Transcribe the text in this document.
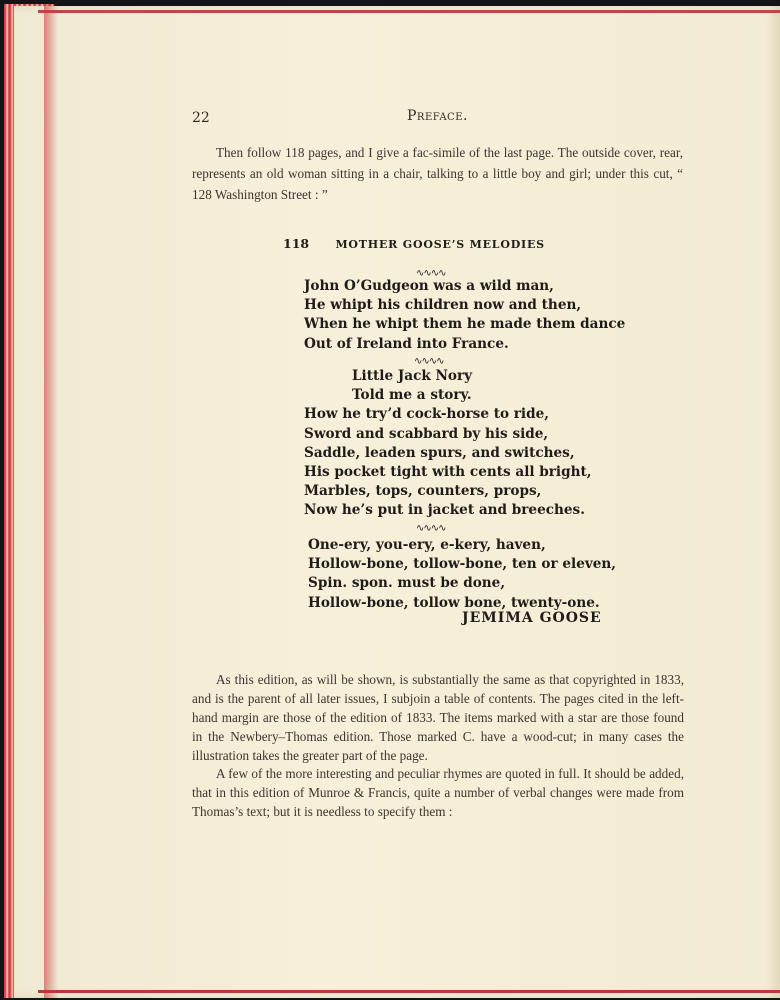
22	Preface.
Then follow 118 pages, and I give a fac-simile of the last page. The outside cover, rear, represents an old woman sitting in a chair, talking to a little boy and girl; under this cut, “ 128 Washington Street : ”
118 MOTHER GOOSE’S MELODIES
∿∿∿∿
John O’Gudgeon was a wild man,
He whipt his children now and then,
When he whipt them he made them dance
Out of Ireland into France.
∿∿∿∿
Little Jack Nory
Told me a story.
How he try’d cock-horse to ride,
Sword and scabbard by his side,
Saddle, leaden spurs, and switches,
His pocket tight with cents all bright,
Marbles, tops, counters, props,
Now he’s put in jacket and breeches.
∿∿∿∿
One-ery, you-ery, e-kery, haven,
Hollow-bone, tollow-bone, ten or eleven,
Spin. spon. must be done,
Hollow-bone, tollow bone, twenty-one.
JEMIMA GOOSE
As this edition, as will be shown, is substantially the same as that copyrighted in 1833, and is the parent of all later issues, I subjoin a table of contents. The pages cited in the left-hand margin are those of the edition of 1833. The items marked with a star are those found in the Newbery–Thomas edition. Those marked C. have a wood-cut; in many cases the illustration takes the greater part of the page.
A few of the more interesting and peculiar rhymes are quoted in full. It should be added, that in this edition of Munroe & Francis, quite a number of verbal changes were made from Thomas’s text; but it is needless to specify them :
